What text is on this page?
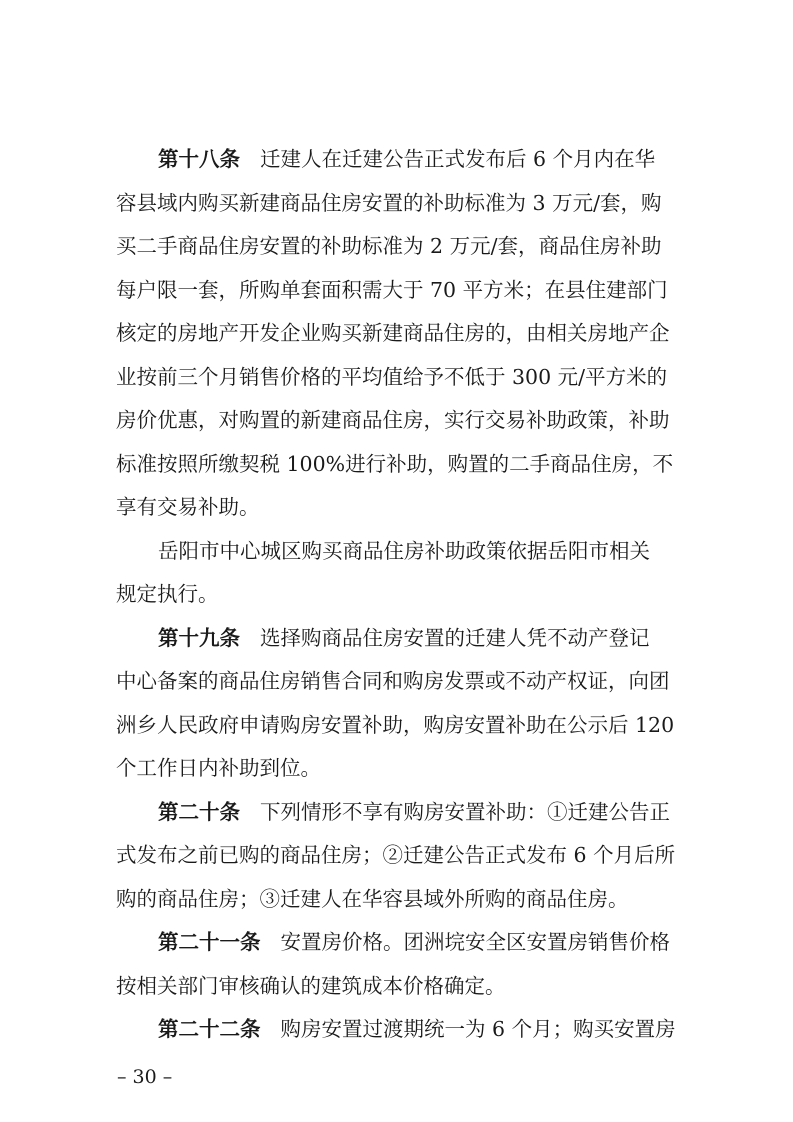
第十八条 迁建人在迁建公告正式发布后 6 个月内在华
容县域内购买新建商品住房安置的补助标准为 3 万元/套，购
买二手商品住房安置的补助标准为 2 万元/套，商品住房补助
每户限一套，所购单套面积需大于 70 平方米；在县住建部门
核定的房地产开发企业购买新建商品住房的，由相关房地产企
业按前三个月销售价格的平均值给予不低于 300 元/平方米的
房价优惠，对购置的新建商品住房，实行交易补助政策，补助
标准按照所缴契税 100%进行补助，购置的二手商品住房，不
享有交易补助。
岳阳市中心城区购买商品住房补助政策依据岳阳市相关
规定执行。
第十九条 选择购商品住房安置的迁建人凭不动产登记
中心备案的商品住房销售合同和购房发票或不动产权证，向团
洲乡人民政府申请购房安置补助，购房安置补助在公示后 120
个工作日内补助到位。
第二十条 下列情形不享有购房安置补助：①迁建公告正
式发布之前已购的商品住房；②迁建公告正式发布 6 个月后所
购的商品住房；③迁建人在华容县域外所购的商品住房。
第二十一条 安置房价格。团洲垸安全区安置房销售价格
按相关部门审核确认的建筑成本价格确定。
第二十二条 购房安置过渡期统一为 6 个月；购买安置房
– 30 –
